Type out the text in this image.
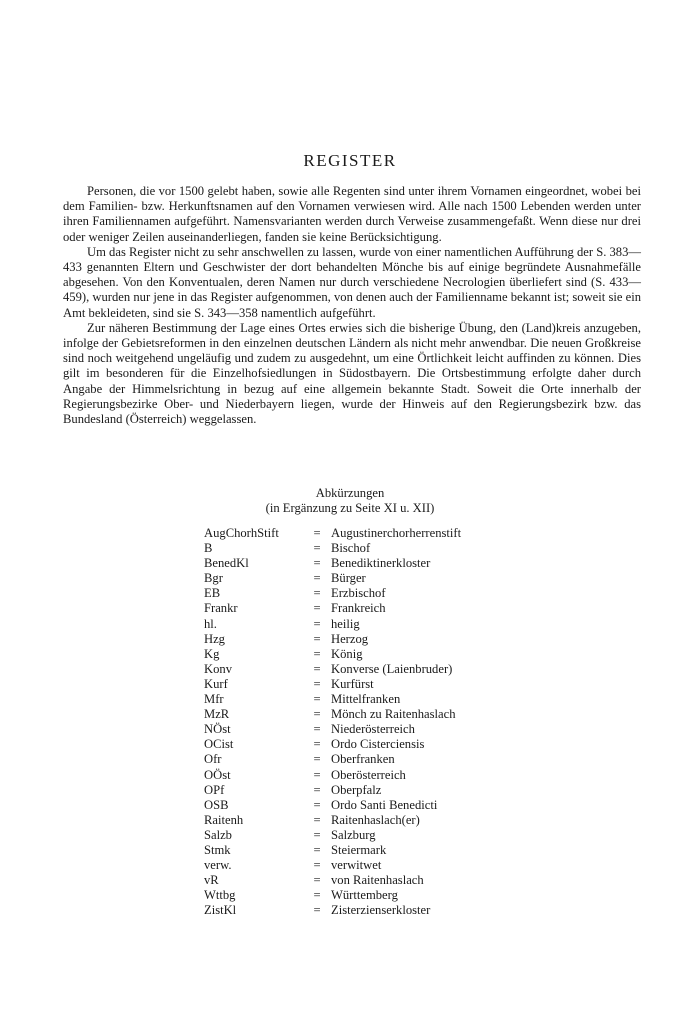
REGISTER

Personen, die vor 1500 gelebt haben, sowie alle Regenten sind unter ihrem Vornamen eingeordnet, wobei bei dem Familien- bzw. Herkunftsnamen auf den Vornamen verwiesen wird. Alle nach 1500 Lebenden werden unter ihren Familiennamen aufgeführt. Namensvarianten werden durch Verweise zusammengefaßt. Wenn diese nur drei oder weniger Zeilen auseinanderliegen, fanden sie keine Berücksichtigung.

Um das Register nicht zu sehr anschwellen zu lassen, wurde von einer namentlichen Aufführung der S. 383—433 genannten Eltern und Geschwister der dort behandelten Mönche bis auf einige begründete Ausnahmefälle abgesehen. Von den Konventualen, deren Namen nur durch verschiedene Necrologien überliefert sind (S. 433—459), wurden nur jene in das Register aufgenommen, von denen auch der Familienname bekannt ist; soweit sie ein Amt bekleideten, sind sie S. 343—358 namentlich aufgeführt.

Zur näheren Bestimmung der Lage eines Ortes erwies sich die bisherige Übung, den (Land)kreis anzugeben, infolge der Gebietsreformen in den einzelnen deutschen Ländern als nicht mehr anwendbar. Die neuen Großkreise sind noch weitgehend ungeläufig und zudem zu ausgedehnt, um eine Örtlichkeit leicht auffinden zu können. Dies gilt im besonderen für die Einzelhofsiedlungen in Südostbayern. Die Ortsbestimmung erfolgte daher durch Angabe der Himmelsrichtung in bezug auf eine allgemein bekannte Stadt. Soweit die Orte innerhalb der Regierungsbezirke Ober- und Niederbayern liegen, wurde der Hinweis auf den Regierungsbezirk bzw. das Bundesland (Österreich) weggelassen.

Abkürzungen
(in Ergänzung zu Seite XI u. XII)
AugChorhStift	=	Augustinerchorherrenstift
B	=	Bischof
BenedKl	=	Benediktinerkloster
Bgr	=	Bürger
EB	=	Erzbischof
Frankr	=	Frankreich
hl.	=	heilig
Hzg	=	Herzog
Kg	=	König
Konv	=	Konverse (Laienbruder)
Kurf	=	Kurfürst
Mfr	=	Mittelfranken
MzR	=	Mönch zu Raitenhaslach
NÖst	=	Niederösterreich
OCist	=	Ordo Cisterciensis
Ofr	=	Oberfranken
OÖst	=	Oberösterreich
OPf	=	Oberpfalz
OSB	=	Ordo Santi Benedicti
Raitenh	=	Raitenhaslach(er)
Salzb	=	Salzburg
Stmk	=	Steiermark
verw.	=	verwitwet
vR	=	von Raitenhaslach
Wttbg	=	Württemberg
ZistKl	=	Zisterzienserkloster
